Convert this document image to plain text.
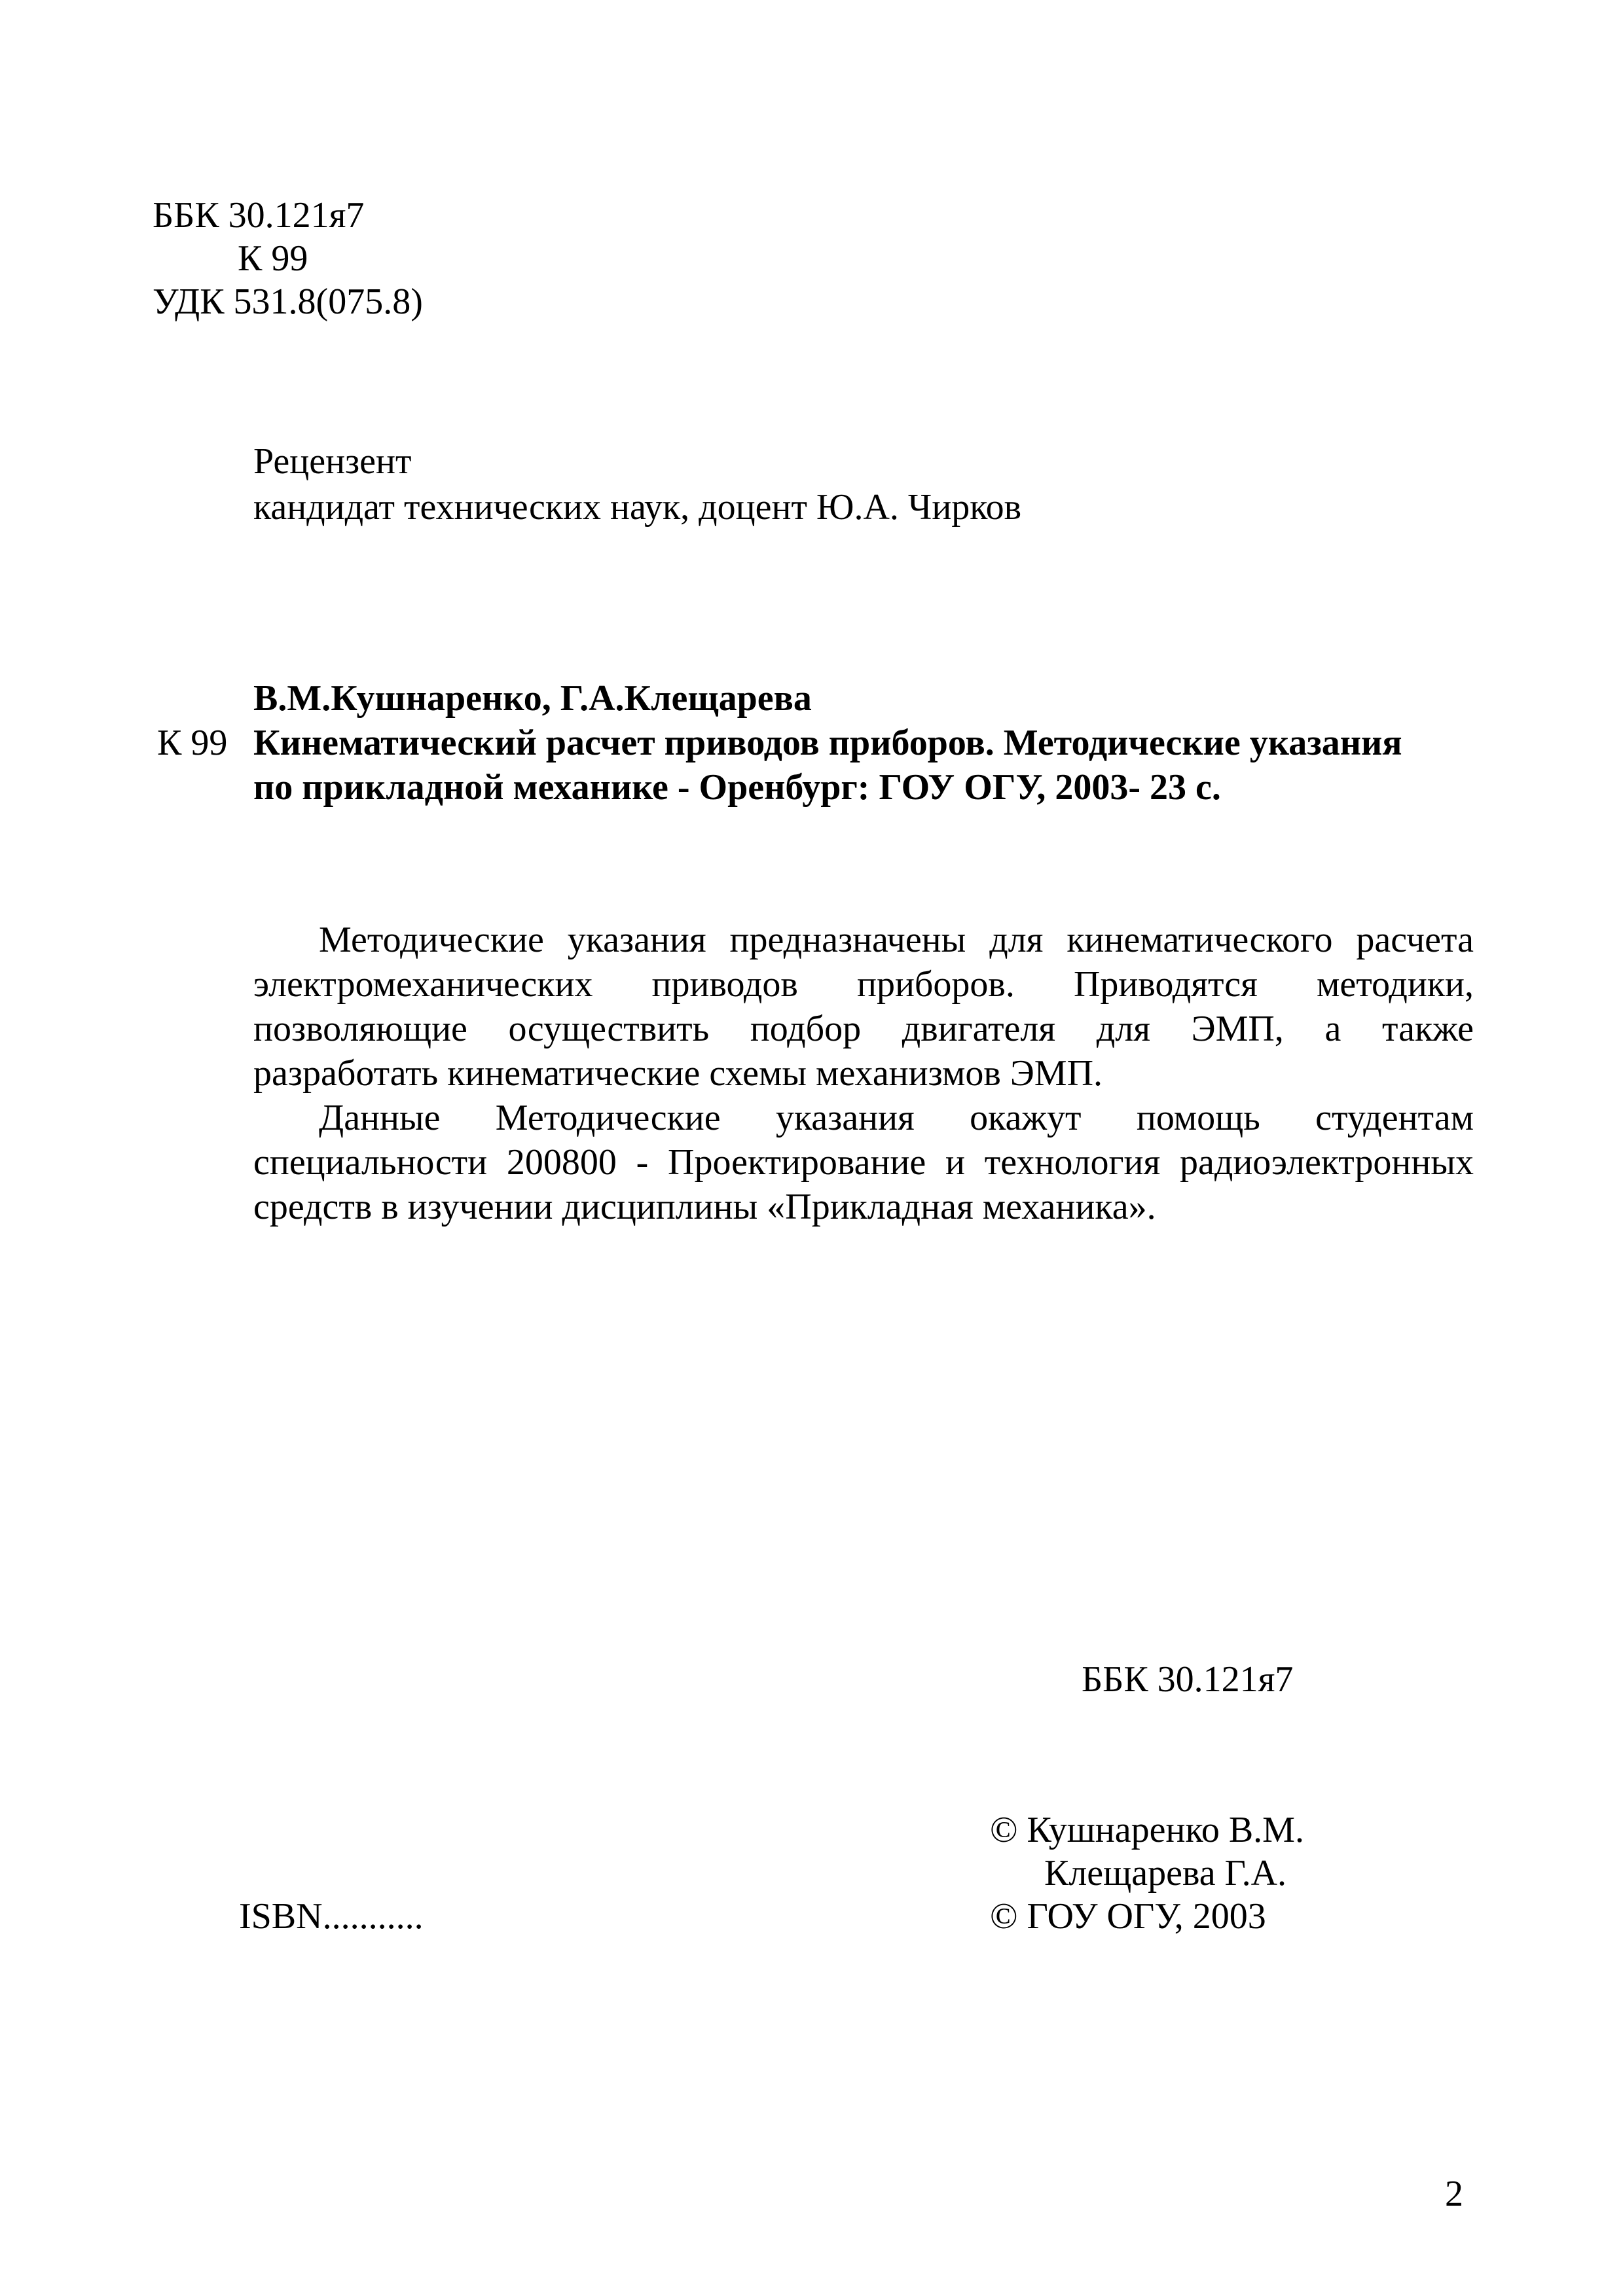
ББК 30.121я7

К 99

УДК 531.8(075.8)

Рецензент

кандидат технических наук, доцент Ю.А. Чирков

В.М.Кушнаренко, Г.А.Клещарева

К 99 Кинематический расчет приводов приборов. Методические указания

по прикладной механике - Оренбург: ГОУ ОГУ, 2003- 23 с.

Методические указания предназначены для кинематического расчета

электромеханических приводов приборов. Приводятся методики,

позволяющие осуществить подбор двигателя для ЭМП, а также

разработать кинематические схемы механизмов ЭМП.

Данные Методические указания окажут помощь студентам

специальности 200800 - Проектирование и технология радиоэлектронных

средств в изучении дисциплины «Прикладная механика».

ББК 30.121я7

© Кушнаренко В.М.

Клещарева Г.А.

ISBN...........	© ГОУ ОГУ, 2003

2
